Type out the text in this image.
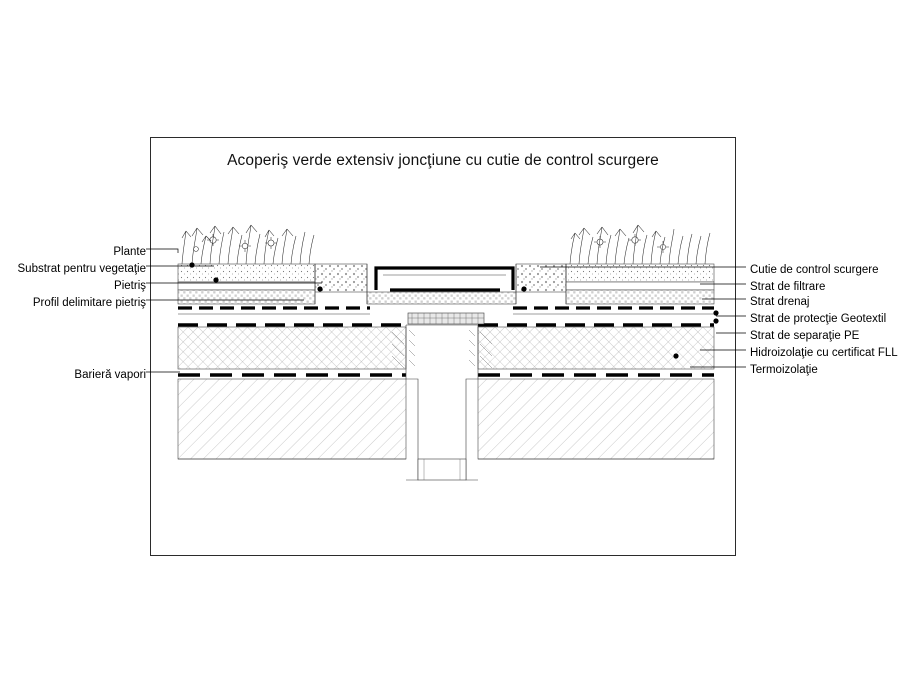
Acoperiş verde extensiv joncţiune cu cutie de control scurgere
Plante
Substrat pentru vegetaţie
Pietriş
Profil delimitare pietriş
Barieră vapori
Cutie de control scurgere
Strat de filtrare
Strat drenaj
Strat de protecţie Geotextil
Strat de separaţie PE
Hidroizolaţie cu certificat FLL
Termoizolaţie
